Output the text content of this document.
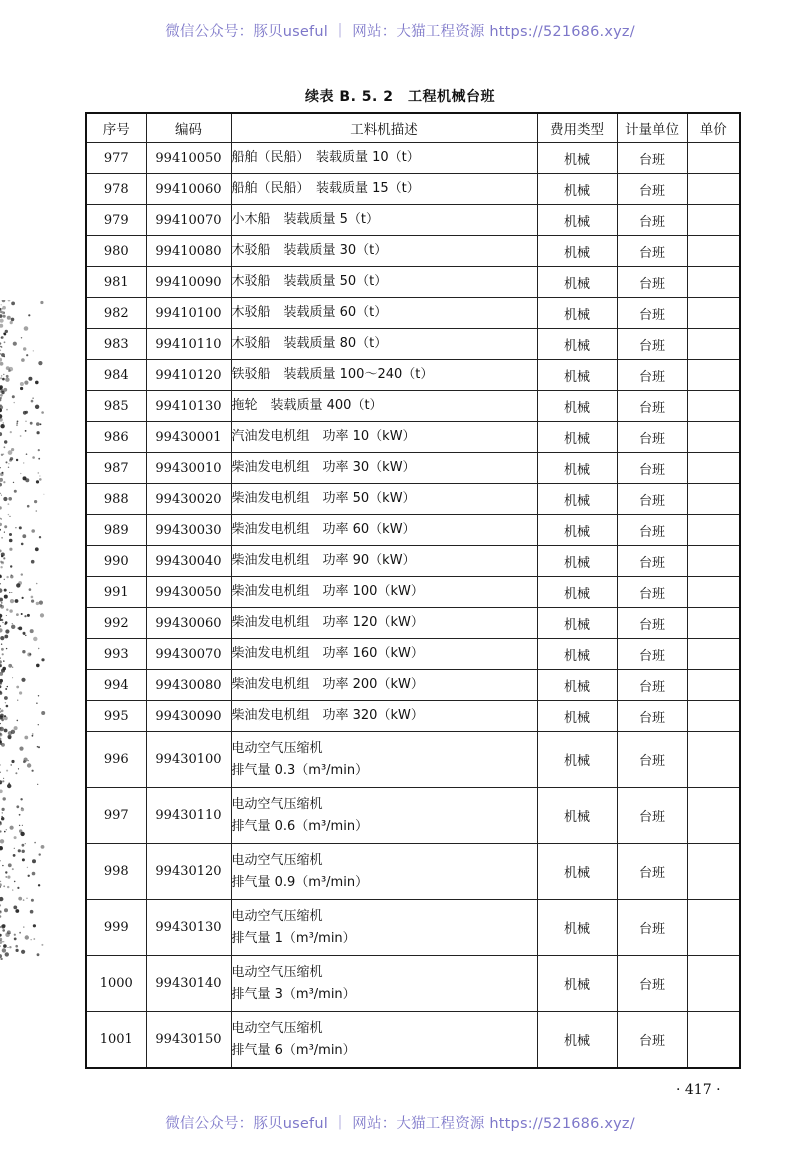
微信公众号：豚贝useful ｜ 网站：大猫工程资源 https://521686.xyz/
续表 B. 5. 2　工程机械台班
序号	编码	工料机描述	费用类型	计量单位	单价
977	99410050	船舶（民船）　装载质量 10（t）	机械	台班	
978	99410060	船舶（民船）　装载质量 15（t）	机械	台班	
979	99410070	小木船　装载质量 5（t）	机械	台班	
980	99410080	木驳船　装载质量 30（t）	机械	台班	
981	99410090	木驳船　装载质量 50（t）	机械	台班	
982	99410100	木驳船　装载质量 60（t）	机械	台班	
983	99410110	木驳船　装载质量 80（t）	机械	台班	
984	99410120	铁驳船　装载质量 100～240（t）	机械	台班	
985	99410130	拖轮　装载质量 400（t）	机械	台班	
986	99430001	汽油发电机组　功率 10（kW）	机械	台班	
987	99430010	柴油发电机组　功率 30（kW）	机械	台班	
988	99430020	柴油发电机组　功率 50（kW）	机械	台班	
989	99430030	柴油发电机组　功率 60（kW）	机械	台班	
990	99430040	柴油发电机组　功率 90（kW）	机械	台班	
991	99430050	柴油发电机组　功率 100（kW）	机械	台班	
992	99430060	柴油发电机组　功率 120（kW）	机械	台班	
993	99430070	柴油发电机组　功率 160（kW）	机械	台班	
994	99430080	柴油发电机组　功率 200（kW）	机械	台班	
995	99430090	柴油发电机组　功率 320（kW）	机械	台班	
996	99430100	电动空气压缩机
排气量 0.3（m³/min）	机械	台班	
997	99430110	电动空气压缩机
排气量 0.6（m³/min）	机械	台班	
998	99430120	电动空气压缩机
排气量 0.9（m³/min）	机械	台班	
999	99430130	电动空气压缩机
排气量 1（m³/min）	机械	台班	
1000	99430140	电动空气压缩机
排气量 3（m³/min）	机械	台班	
1001	99430150	电动空气压缩机
排气量 6（m³/min）	机械	台班	
· 417 ·
微信公众号：豚贝useful ｜ 网站：大猫工程资源 https://521686.xyz/
